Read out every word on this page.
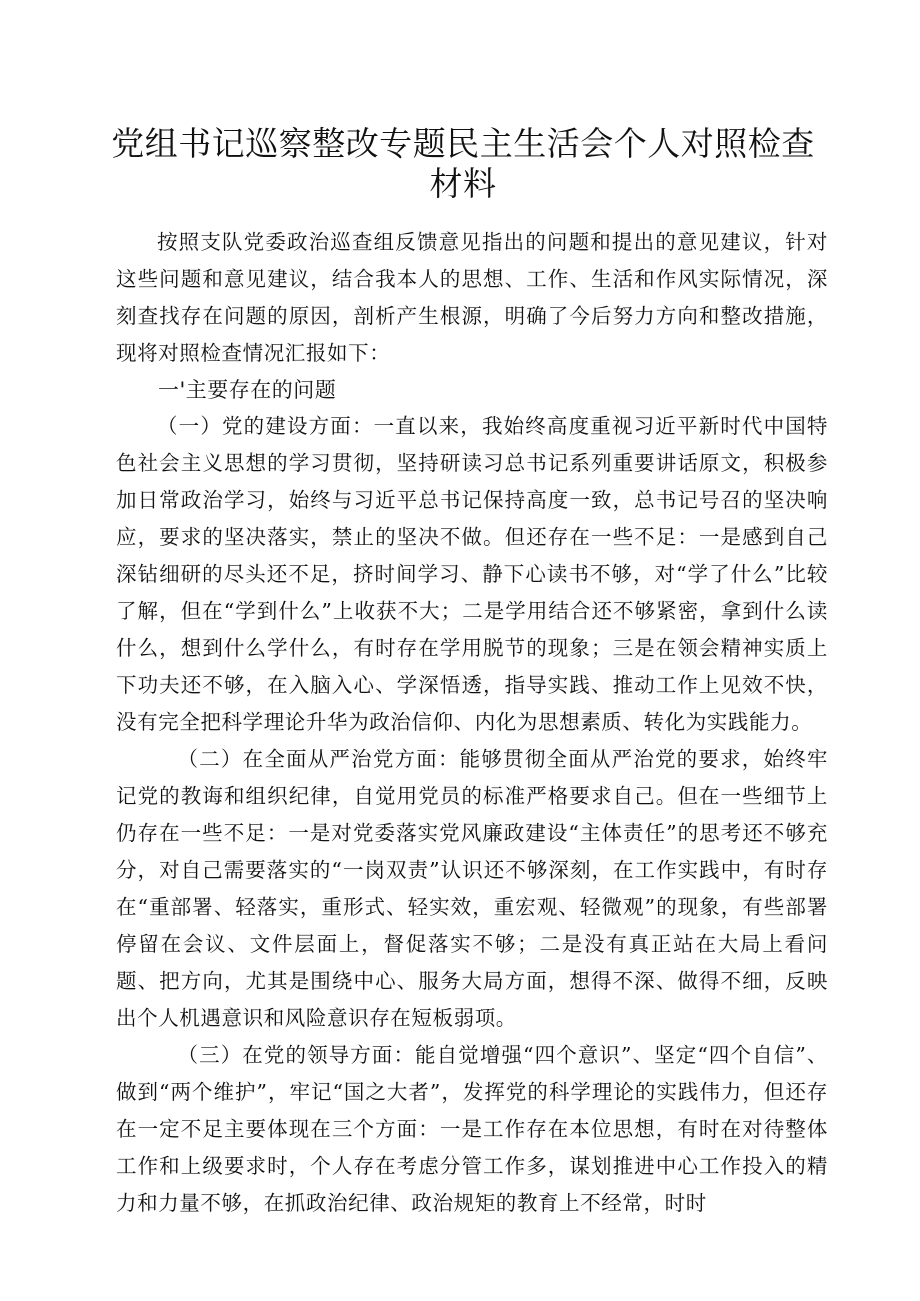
党组书记巡察整改专题民主生活会个人对照检查材料

按照支队党委政治巡查组反馈意见指出的问题和提出的意见建议，针对这些问题和意见建议，结合我本人的思想、工作、生活和作风实际情况，深刻查找存在问题的原因，剖析产生根源，明确了今后努力方向和整改措施，现将对照检查情况汇报如下：

一'主要存在的问题

（一）党的建设方面：一直以来，我始终高度重视习近平新时代中国特色社会主义思想的学习贯彻，坚持研读习总书记系列重要讲话原文，积极参加日常政治学习，始终与习近平总书记保持高度一致，总书记号召的坚决响应，要求的坚决落实，禁止的坚决不做。但还存在一些不足：一是感到自己深钻细研的尽头还不足，挤时间学习、静下心读书不够，对“学了什么”比较了解，但在“学到什么”上收获不大；二是学用结合还不够紧密，拿到什么读什么，想到什么学什么，有时存在学用脱节的现象；三是在领会精神实质上下功夫还不够，在入脑入心、学深悟透，指导实践、推动工作上见效不快，没有完全把科学理论升华为政治信仰、内化为思想素质、转化为实践能力。

（二）在全面从严治党方面：能够贯彻全面从严治党的要求，始终牢记党的教诲和组织纪律，自觉用党员的标准严格要求自己。但在一些细节上仍存在一些不足：一是对党委落实党风廉政建设“主体责任”的思考还不够充分，对自己需要落实的“一岗双责”认识还不够深刻，在工作实践中，有时存在“重部署、轻落实，重形式、轻实效，重宏观、轻微观”的现象，有些部署停留在会议、文件层面上，督促落实不够；二是没有真正站在大局上看问题、把方向，尤其是围绕中心、服务大局方面，想得不深、做得不细，反映出个人机遇意识和风险意识存在短板弱项。

（三）在党的领导方面：能自觉增强“四个意识”、坚定“四个自信”、做到“两个维护”，牢记“国之大者”，发挥党的科学理论的实践伟力，但还存在一定不足主要体现在三个方面：一是工作存在本位思想，有时在对待整体工作和上级要求时，个人存在考虑分管工作多，谋划推进中心工作投入的精力和力量不够，在抓政治纪律、政治规矩的教育上不经常，时时
